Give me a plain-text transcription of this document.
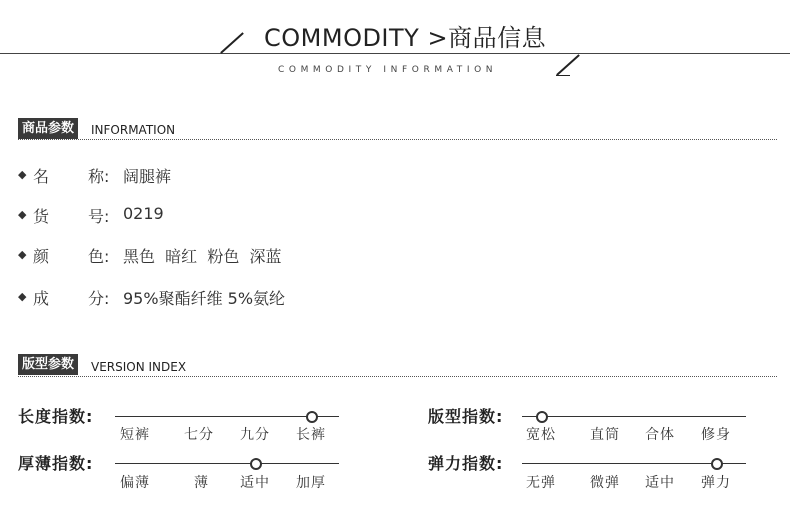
COMMODITY >商品信息
COMMODITY INFORMATION
商品参数	INFORMATION
◆ 名 称: 阔腿裤
◆ 货 号: 0219
◆ 颜 色: 黑色  暗红  粉色  深蓝
◆ 成 分: 95%聚酯纤维 5%氨纶
版型参数	VERSION INDEX
长度指数:
短裤 七分 九分 长裤
厚薄指数:
偏薄	薄 适中 加厚
版型指数:
宽松 直筒 合体 修身
弹力指数:
无弹 微弹 适中 弹力
